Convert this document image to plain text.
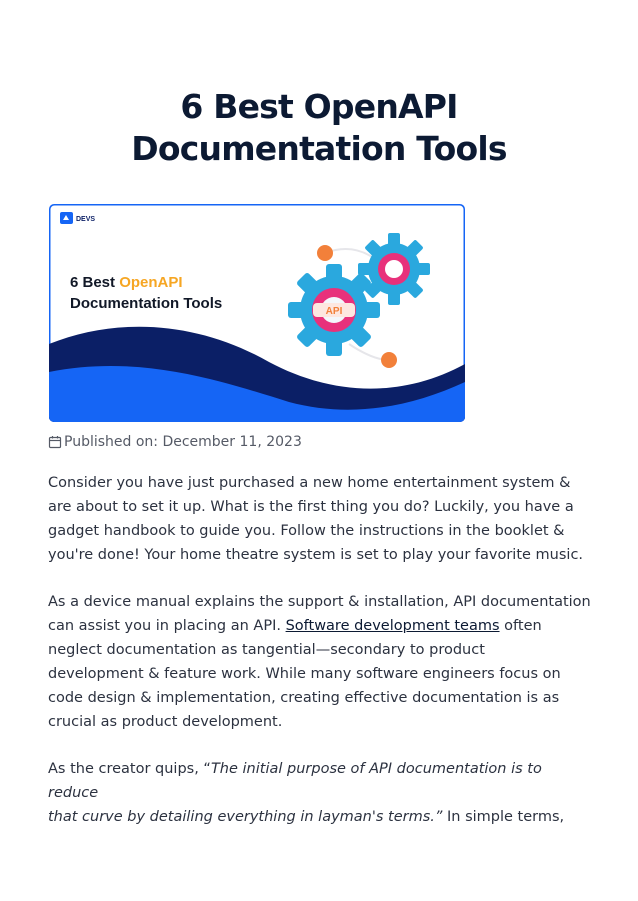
6 Best OpenAPI
Documentation Tools
DEVS
6 Best OpenAPI
Documentation Tools	API
Published on: December 11, 2023

Consider you have just purchased a new home entertainment system &
are about to set it up. What is the first thing you do? Luckily, you have a
gadget handbook to guide you. Follow the instructions in the booklet &
you're done! Your home theatre system is set to play your favorite music.

As a device manual explains the support & installation, API documentation
can assist you in placing an API. Software development teams often
neglect documentation as tangential—secondary to product
development & feature work. While many software engineers focus on
code design & implementation, creating effective documentation is as
crucial as product development.

As the creator quips, “The initial purpose of API documentation is to reduce
that curve by detailing everything in layman's terms.” In simple terms,
